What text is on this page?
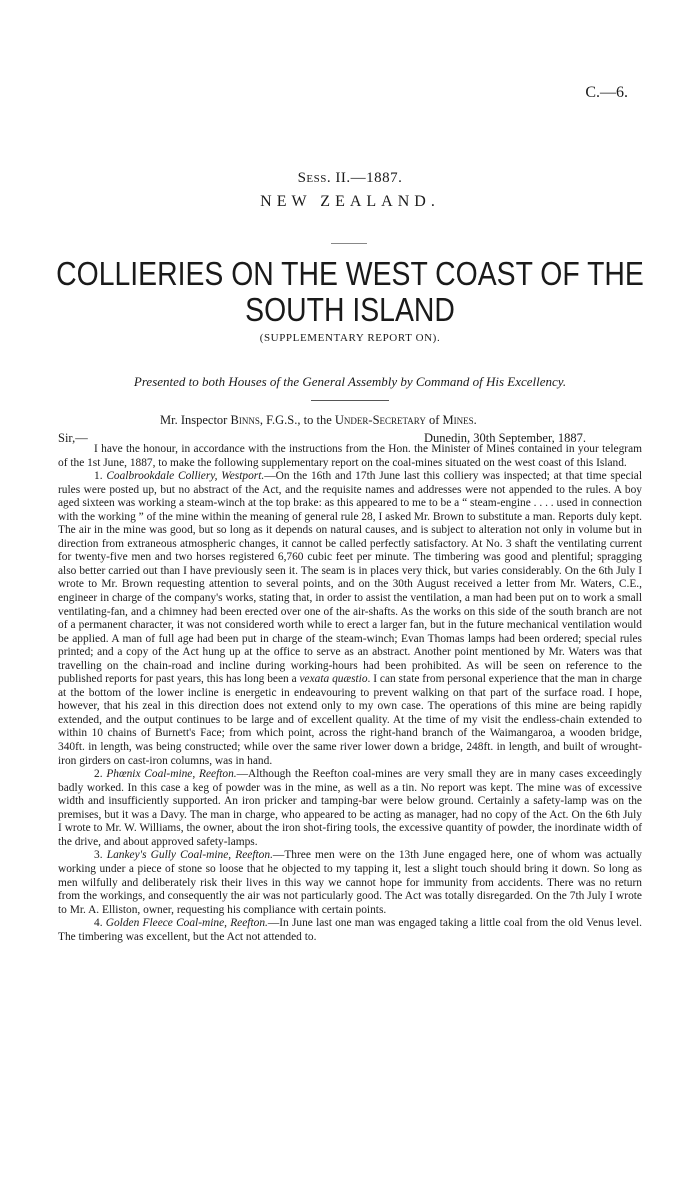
C.—6.
Sess. II.—1887.
NEW ZEALAND.
COLLIERIES ON THE WEST COAST OF THE
SOUTH ISLAND
(SUPPLEMENTARY REPORT ON).
Presented to both Houses of the General Assembly by Command of His Excellency.
Mr. Inspector Binns, F.G.S., to the Under-Secretary of Mines.
Sir,—	Dunedin, 30th September, 1887.

I have the honour, in accordance with the instructions from the Hon. the Minister of Mines contained in your telegram of the 1st June, 1887, to make the following supplementary report on the coal-mines situated on the west coast of this Island.

1. Coalbrookdale Colliery, Westport.—On the 16th and 17th June last this colliery was inspected; at that time special rules were posted up, but no abstract of the Act, and the requisite names and addresses were not appended to the rules. A boy aged sixteen was working a steam-winch at the top brake: as this appeared to me to be a “ steam-engine . . . . used in connection with the working ” of the mine within the meaning of general rule 28, I asked Mr. Brown to substitute a man. Reports duly kept. The air in the mine was good, but so long as it depends on natural causes, and is subject to alteration not only in volume but in direction from extraneous atmospheric changes, it cannot be called perfectly satisfactory. At No. 3 shaft the ventilating current for twenty-five men and two horses registered 6,760 cubic feet per minute. The timbering was good and plentiful; spragging also better carried out than I have previously seen it. The seam is in places very thick, but varies considerably. On the 6th July I wrote to Mr. Brown requesting attention to several points, and on the 30th August received a letter from Mr. Waters, C.E., engineer in charge of the company's works, stating that, in order to assist the ventilation, a man had been put on to work a small ventilating-fan, and a chimney had been erected over one of the air-shafts. As the works on this side of the south branch are not of a permanent character, it was not considered worth while to erect a larger fan, but in the future mechanical ventilation would be applied. A man of full age had been put in charge of the steam-winch; Evan Thomas lamps had been ordered; special rules printed; and a copy of the Act hung up at the office to serve as an abstract. Another point mentioned by Mr. Waters was that travelling on the chain-road and incline during working-hours had been prohibited. As will be seen on reference to the published reports for past years, this has long been a vexata quæstio. I can state from personal experience that the man in charge at the bottom of the lower incline is energetic in endeavouring to prevent walking on that part of the surface road. I hope, however, that his zeal in this direction does not extend only to my own case. The operations of this mine are being rapidly extended, and the output continues to be large and of excellent quality. At the time of my visit the endless-chain extended to within 10 chains of Burnett's Face; from which point, across the right-hand branch of the Waimangaroa, a wooden bridge, 340ft. in length, was being constructed; while over the same river lower down a bridge, 248ft. in length, and built of wrought-iron girders on cast-iron columns, was in hand.

2. Phœnix Coal-mine, Reefton.—Although the Reefton coal-mines are very small they are in many cases exceedingly badly worked. In this case a keg of powder was in the mine, as well as a tin. No report was kept. The mine was of excessive width and insufficiently supported. An iron pricker and tamping-bar were below ground. Certainly a safety-lamp was on the premises, but it was a Davy. The man in charge, who appeared to be acting as manager, had no copy of the Act. On the 6th July I wrote to Mr. W. Williams, the owner, about the iron shot-firing tools, the excessive quantity of powder, the inordinate width of the drive, and about approved safety-lamps.

3. Lankey's Gully Coal-mine, Reefton.—Three men were on the 13th June engaged here, one of whom was actually working under a piece of stone so loose that he objected to my tapping it, lest a slight touch should bring it down. So long as men wilfully and deliberately risk their lives in this way we cannot hope for immunity from accidents. There was no return from the workings, and consequently the air was not particularly good. The Act was totally disregarded. On the 7th July I wrote to Mr. A. Elliston, owner, requesting his compliance with certain points.

4. Golden Fleece Coal-mine, Reefton.—In June last one man was engaged taking a little coal from the old Venus level. The timbering was excellent, but the Act not attended to.
